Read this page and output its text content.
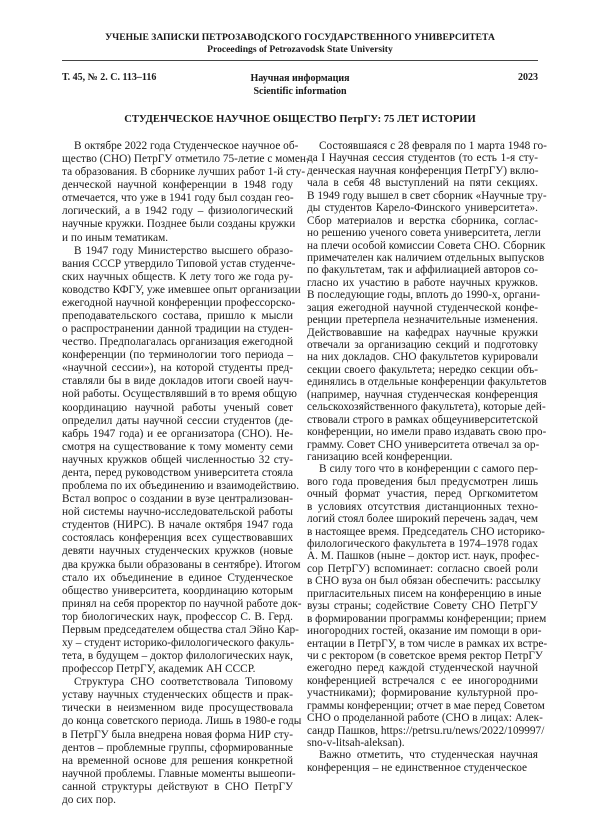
УЧЕНЫЕ ЗАПИСКИ ПЕТРОЗАВОДСКОГО ГОСУДАРСТВЕННОГО УНИВЕРСИТЕТА
Proceedings of Petrozavodsk State University
Т. 45, № 2. С. 113–116	Научная информация
Scientific information
2023
СТУДЕНЧЕСКОЕ НАУЧНОЕ ОБЩЕСТВО ПетрГУ: 75 ЛЕТ ИСТОРИИ
В октябре 2022 года Студенческое научное об-
щество (СНО) ПетрГУ отметило 75-летие с момен-
та образования. В сборнике лучших работ 1-й сту-
денческой научной конференции в 1948 году
отмечается, что уже в 1941 году был создан гео-
логический, а в 1942 году – физиологический
научные кружки. Позднее были созданы кружки
и по иным тематикам.
В 1947 году Министерство высшего образо-
вания СССР утвердило Типовой устав студенче-
ских научных обществ. К лету того же года ру-
ководство КФГУ, уже имевшее опыт организации
ежегодной научной конференции профессорско-
преподавательского состава, пришло к мысли
о распространении данной традиции на студен-
чество. Предполагалась организация ежегодной
конференции (по терминологии того периода –
«научной сессии»), на которой студенты пред-
ставляли бы в виде докладов итоги своей науч-
ной работы. Осуществлявший в то время общую
координацию научной работы ученый совет
определил даты научной сессии студентов (де-
кабрь 1947 года) и ее организатора (СНО). Не-
смотря на существование к тому моменту семи
научных кружков общей численностью 32 сту-
дента, перед руководством университета стояла
проблема по их объединению и взаимодействию.
Встал вопрос о создании в вузе централизован-
ной системы научно-исследовательской работы
студентов (НИРС). В начале октября 1947 года
состоялась конференция всех существовавших
девяти научных студенческих кружков (новые
два кружка были образованы в сентябре). Итогом
стало их объединение в единое Студенческое
общество университета, координацию которым
принял на себя проректор по научной работе док-
тор биологических наук, профессор С. В. Герд.
Первым председателем общества стал Эйно Кар-
ху – студент историко-филологического факуль-
тета, в будущем – доктор филологических наук,
профессор ПетрГУ, академик АН СССР.
Структура СНО соответствовала Типовому
уставу научных студенческих обществ и прак-
тически в неизменном виде просуществовала
до конца советского периода. Лишь в 1980-е годы
в ПетрГУ была внедрена новая форма НИР сту-
дентов – проблемные группы, сформированные
на временной основе для решения конкретной
научной проблемы. Главные моменты вышеопи-
санной структуры действуют в СНО ПетрГУ
до сих пор.
Состоявшаяся с 28 февраля по 1 марта 1948 го-
да I Научная сессия студентов (то есть 1-я сту-
денческая научная конференция ПетрГУ) вклю-
чала в себя 48 выступлений на пяти секциях.
В 1949 году вышел в свет сборник «Научные тру-
ды студентов Карело-Финского университета».
Сбор материалов и верстка сборника, соглас-
но решению ученого совета университета, легли
на плечи особой комиссии Совета СНО. Сборник
примечателен как наличием отдельных выпусков
по факультетам, так и аффилиацией авторов со-
гласно их участию в работе научных кружков.
В последующие годы, вплоть до 1990-х, органи-
зация ежегодной научной студенческой конфе-
ренции претерпела незначительные изменения.
Действовавшие на кафедрах научные кружки
отвечали за организацию секций и подготовку
на них докладов. СНО факультетов курировали
секции своего факультета; нередко секции объ-
единялись в отдельные конференции факультетов
(например, научная студенческая конференция
сельскохозяйственного факультета), которые дей-
ствовали строго в рамках общеуниверситетской
конференции, но имели право издавать свою про-
грамму. Совет СНО университета отвечал за ор-
ганизацию всей конференции.
В силу того что в конференции с самого пер-
вого года проведения был предусмотрен лишь
очный формат участия, перед Оргкомитетом
в условиях отсутствия дистанционных техно-
логий стоял более широкий перечень задач, чем
в настоящее время. Председатель СНО историко-
филологического факультета в 1974–1978 годах
А. М. Пашков (ныне – доктор ист. наук, профес-
сор ПетрГУ) вспоминает: согласно своей роли
в СНО вуза он был обязан обеспечить: рассылку
пригласительных писем на конференцию в иные
вузы страны; содействие Совету СНО ПетрГУ
в формировании программы конференции; прием
иногородних гостей, оказание им помощи в ори-
ентации в ПетрГУ, в том числе в рамках их встре-
чи с ректором (в советское время ректор ПетрГУ
ежегодно перед каждой студенческой научной
конференцией встречался с ее иногородними
участниками); формирование культурной про-
граммы конференции; отчет в мае перед Советом
СНО о проделанной работе (СНО в лицах: Алек-
сандр Пашков, https://petrsu.ru/news/2022/109997/
sno-v-litsah-aleksan).
Важно отметить, что студенческая научная
конференция – не единственное студенческое
